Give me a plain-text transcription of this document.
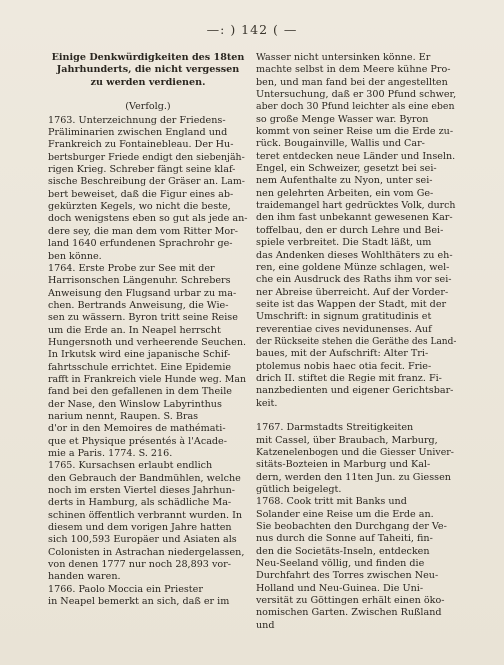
—: ) 142 ( —
Einige Denkwürdigkeiten des 18ten
Jahrhunderts, die nicht vergessen
zu werden verdienen.
(Verfolg.)
1763. Unterzeichnung der Friedens-
Präliminarien zwischen England und
Frankreich zu Fontainebleau. Der Hu-
bertsburger Friede endigt den siebenjäh-
rigen Krieg. Schreber fängt seine klaf-
sische Beschreibung der Gräser an. Lam-
bert beweiset, daß die Figur eines ab-
gekürzten Kegels, wo nicht die beste,
doch wenigstens eben so gut als jede an-
dere sey, die man dem vom Ritter Mor-
land 1640 erfundenen Sprachrohr ge-
ben könne.
1764. Erste Probe zur See mit der
Harrisonschen Längenuhr. Schrebers
Anweisung den Flugsand urbar zu ma-
chen. Bertrands Anweisung, die Wie-
sen zu wässern. Byron tritt seine Reise
um die Erde an. In Neapel herrscht
Hungersnoth und verheerende Seuchen.
In Irkutsk wird eine japanische Schif-
fahrtsschule errichtet. Eine Epidemie
rafft in Frankreich viele Hunde weg. Man
fand bei den gefallenen in dem Theile
der Nase, den Winslow Labyrinthus
narium nennt, Raupen. S. Bras
d'or in den Memoires de mathémati-
que et Physique présentés à l'Acade-
mie a Paris. 1774. S. 216.
1765. Kursachsen erlaubt endlich
den Gebrauch der Bandmühlen, welche
noch im ersten Viertel dieses Jahrhun-
derts in Hamburg, als schädliche Ma-
schinen öffentlich verbrannt wurden. In
diesem und dem vorigen Jahre hatten
sich 100,593 Europäer und Asiaten als
Colonisten in Astrachan niedergelassen,
von denen 1777 nur noch 28,893 vor-
handen waren.
1766. Paolo Moccia ein Priester
in Neapel bemerkt an sich, daß er im
Wasser nicht untersinken könne. Er
machte selbst in dem Meere kühne Pro-
ben, und man fand bei der angestellten
Untersuchung, daß er 300 Pfund schwer,
aber doch 30 Pfund leichter als eine eben
so große Menge Wasser war. Byron
kommt von seiner Reise um die Erde zu-
rück. Bougainville, Wallis und Car-
teret entdecken neue Länder und Inseln.
Engel, ein Schweizer, gesetzt bei sei-
nem Aufenthalte zu Nyon, unter sei-
nen gelehrten Arbeiten, ein vom Ge-
traidemangel hart gedrücktes Volk, durch
den ihm fast unbekannt gewesenen Kar-
toffelbau, den er durch Lehre und Bei-
spiele verbreitet. Die Stadt läßt, um
das Andenken dieses Wohlthäters zu eh-
ren, eine goldene Münze schlagen, wel-
che ein Ausdruck des Raths ihm vor sei-
ner Abreise überreicht. Auf der Vorder-
seite ist das Wappen der Stadt, mit der
Umschrift: in signum gratitudinis et
reverentiae cives nevidunenses. Auf
der Rückseite stehen die Geräthe des Land-
baues, mit der Aufschrift: Alter Tri-
ptolemus nobis haec otia fecit. Frie-
drich II. stiftet die Regie mit franz. Fi-
nanzbedienten und eigener Gerichtsbar-
keit.
1767. Darmstadts Streitigkeiten
mit Cassel, über Braubach, Marburg,
Katzenelenbogen und die Giesser Univer-
sitäts-Bozteien in Marburg und Kal-
dern, werden den 11ten Jun. zu Giessen
gütlich beigelegt.
1768. Cook tritt mit Banks und
Solander eine Reise um die Erde an.
Sie beobachten den Durchgang der Ve-
nus durch die Sonne auf Taheiti, fin-
den die Societäts-Inseln, entdecken
Neu-Seeland völlig, und finden die
Durchfahrt des Torres zwischen Neu-
Holland und Neu-Guinea. Die Uni-
versität zu Göttingen erhält einen öko-
nomischen Garten. Zwischen Rußland
und
